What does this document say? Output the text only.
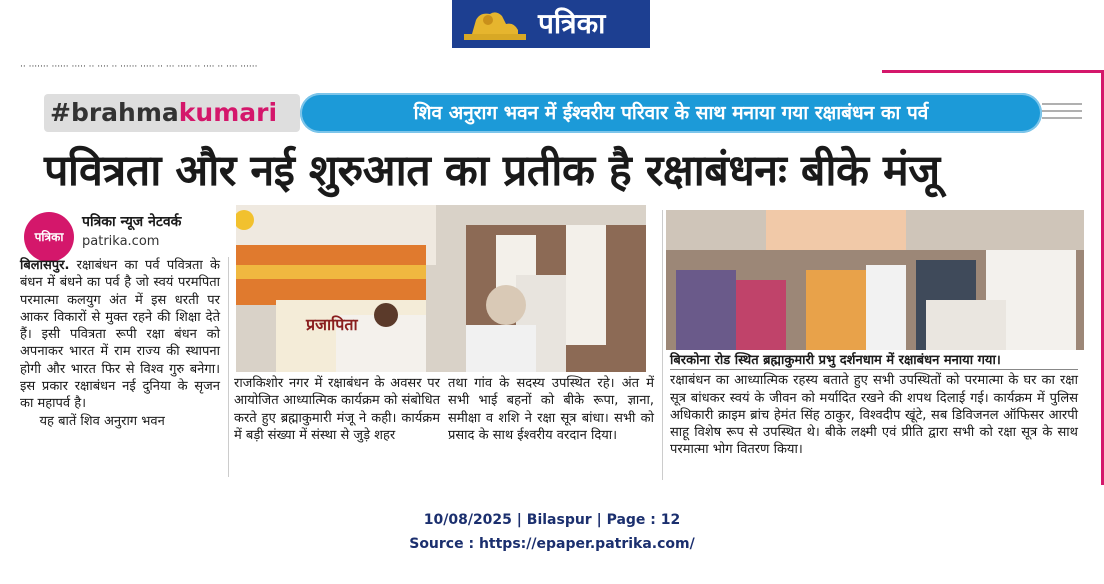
पत्रिका
·· ······· ······ ····· ·· ···· ·· ······ ····· ·· ··· ····· ·· ···· ·· ···· ······
#brahmakumari	शिव अनुराग भवन में ईश्वरीय परिवार के साथ मनाया गया रक्षाबंधन का पर्व
पवित्रता और नई शुरुआत का प्रतीक है रक्षाबंधनः बीके मंजू
पत्रिका
पत्रिका न्यूज नेटवर्क
patrika.com

बिलासपुर. रक्षाबंधन का पर्व पवित्रता के बंधन में बंधने का पर्व है जो स्वयं परमपिता परमात्मा कलयुग अंत में इस धरती पर आकर विकारों से मुक्त रहने की शिक्षा देते हैं। इसी पवित्रता रूपी रक्षा बंधन को अपनाकर भारत में राम राज्य की स्थापना होगी और भारत फिर से विश्व गुरु बनेगा। इस प्रकार रक्षाबंधन नई दुनिया के सृजन का महापर्व है।

यह बातें शिव अनुराग भवन

प्रजापिता

राजकिशोर नगर में रक्षाबंधन के अवसर पर आयोजित आध्यात्मिक कार्यक्रम को संबोधित करते हुए ब्रह्माकुमारी मंजू ने कही। कार्यक्रम में बड़ी संख्या में संस्था से जुड़े शहर

तथा गांव के सदस्य उपस्थित रहे। अंत में सभी भाई बहनों को बीके रूपा, ज्ञाना, समीक्षा व शशि ने रक्षा सूत्र बांधा। सभी को प्रसाद के साथ ईश्वरीय वरदान दिया।

बिरकोना रोड स्थित ब्रह्माकुमारी प्रभु दर्शनधाम में रक्षाबंधन मनाया गया।

रक्षाबंधन का आध्यात्मिक रहस्य बताते हुए सभी उपस्थितों को परमात्मा के घर का रक्षा सूत्र बांधकर स्वयं के जीवन को मर्यादित रखने की शपथ दिलाई गई। कार्यक्रम में पुलिस अधिकारी क्राइम ब्रांच हेमंत सिंह ठाकुर, विश्वदीप खूंटे, सब डिविजनल ऑफिसर आरपी साहू विशेष रूप से उपस्थित थे। बीके लक्ष्मी एवं प्रीति द्वारा सभी को रक्षा सूत्र के साथ परमात्मा भोग वितरण किया।

10/08/2025 | Bilaspur | Page : 12
Source : https://epaper.patrika.com/
